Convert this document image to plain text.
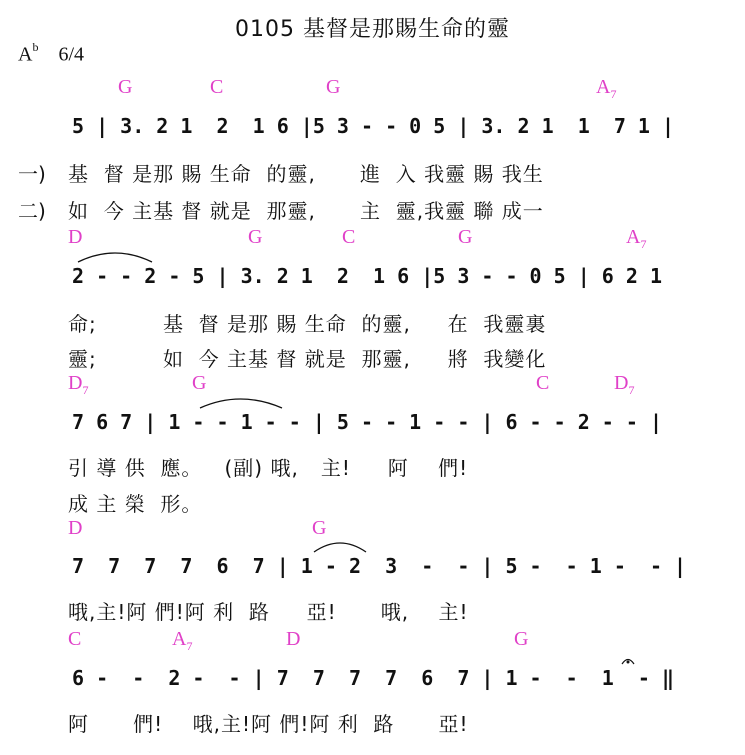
0105 基督是那賜生命的靈
$A^b$ 6/4
G	C	G	$A_7$
5 | 3. 2 1  2  1 6 |5 3 - - 0 5 | 3. 2 1  1  7 1 |
一)
二)
基  督 是那 賜 生命  的靈,      進  入 我靈 賜 我生
如  今 主基 督 就是  那靈,      主  靈,我靈 聯 成一
D	G	C	G	$A_7$
2 - - 2 - 5 | 3. 2 1  2  1 6 |5 3 - - 0 5 | 6 2 1
命;         基  督 是那 賜 生命  的靈,     在  我靈裏
靈;         如  今 主基 督 就是  那靈,     將  我變化
$D_7$	G	C	$D_7$
7 6 7 | 1 - - 1 - - | 5 - - 1 - - | 6 - - 2 - - |
引 導 供  應。   (副) 哦,   主!     阿    們!
成 主 榮  形。
D	G
7  7  7  7  6  7 | 1 - 2  3  -  - | 5 -  - 1 -  - |
哦,主!阿 們!阿 利  路     亞!      哦,    主!
C	$A_7$	D	G
6 -  -  2 -  - | 7  7  7  7  6  7 | 1 -  -  1  - ‖
阿      們!    哦,主!阿 們!阿 利  路      亞!
